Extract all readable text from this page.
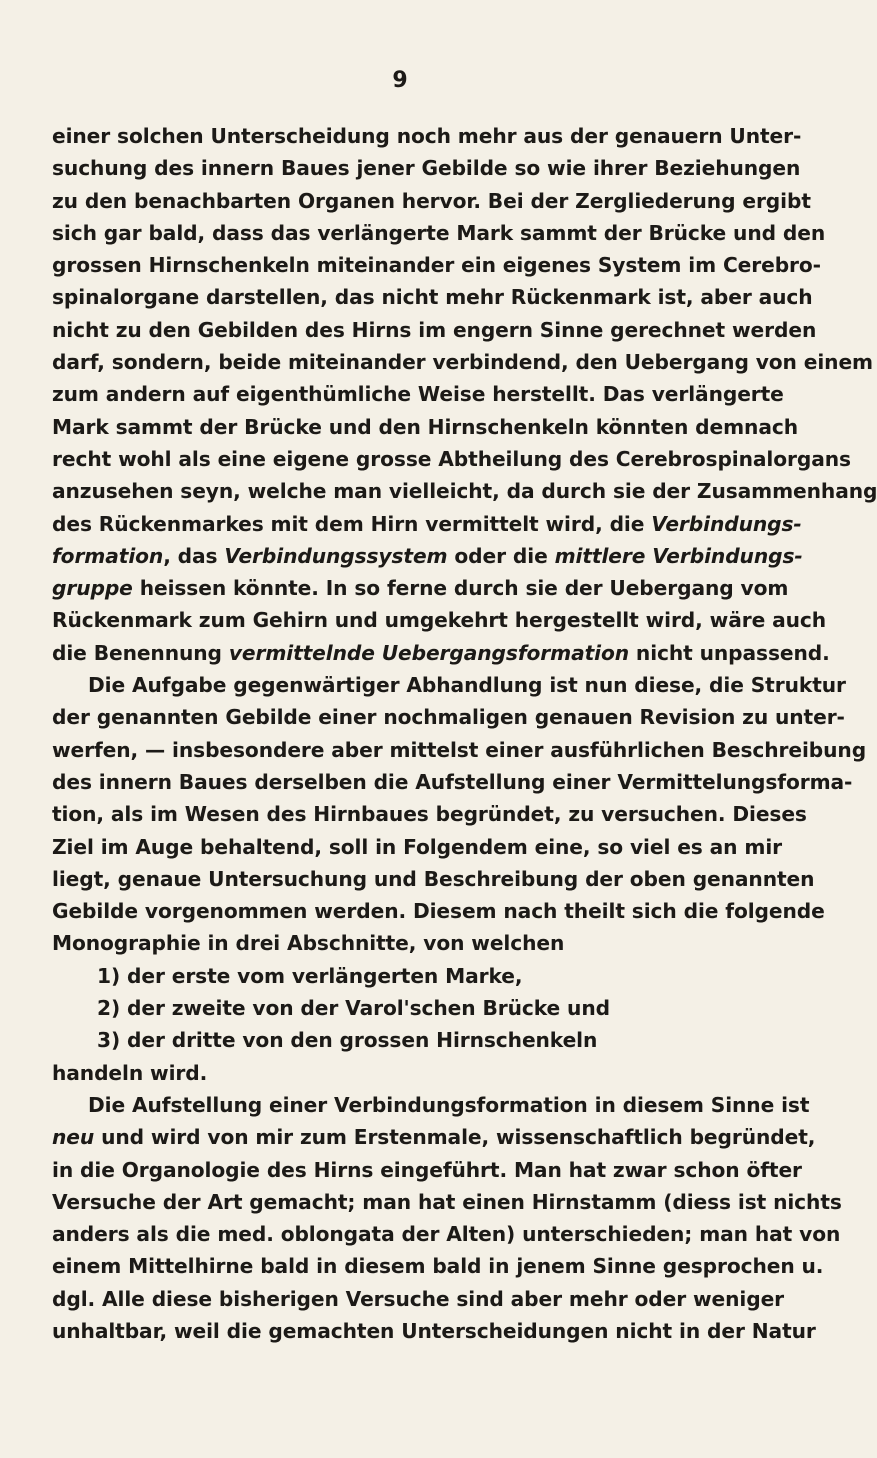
9
einer solchen Unterscheidung noch mehr aus der genauern Unter-
suchung des innern Baues jener Gebilde so wie ihrer Beziehungen
zu den benachbarten Organen hervor. Bei der Zergliederung ergibt
sich gar bald, dass das verlängerte Mark sammt der Brücke und den
grossen Hirnschenkeln miteinander ein eigenes System im Cerebro-
spinalorgane darstellen, das nicht mehr Rückenmark ist, aber auch
nicht zu den Gebilden des Hirns im engern Sinne gerechnet werden
darf, sondern, beide miteinander verbindend, den Uebergang von einem
zum andern auf eigenthümliche Weise herstellt. Das verlängerte
Mark sammt der Brücke und den Hirnschenkeln könnten demnach
recht wohl als eine eigene grosse Abtheilung des Cerebrospinalorgans
anzusehen seyn, welche man vielleicht, da durch sie der Zusammenhang
des Rückenmarkes mit dem Hirn vermittelt wird, die Verbindungs-
formation, das Verbindungssystem oder die mittlere Verbindungs-
gruppe heissen könnte. In so ferne durch sie der Uebergang vom
Rückenmark zum Gehirn und umgekehrt hergestellt wird, wäre auch
die Benennung vermittelnde Uebergangsformation nicht unpassend.
Die Aufgabe gegenwärtiger Abhandlung ist nun diese, die Struktur
der genannten Gebilde einer nochmaligen genauen Revision zu unter-
werfen, — insbesondere aber mittelst einer ausführlichen Beschreibung
des innern Baues derselben die Aufstellung einer Vermittelungsforma-
tion, als im Wesen des Hirnbaues begründet, zu versuchen. Dieses
Ziel im Auge behaltend, soll in Folgendem eine, so viel es an mir
liegt, genaue Untersuchung und Beschreibung der oben genannten
Gebilde vorgenommen werden. Diesem nach theilt sich die folgende
Monographie in drei Abschnitte, von welchen
1) der erste vom verlängerten Marke,
2) der zweite von der Varol'schen Brücke und
3) der dritte von den grossen Hirnschenkeln
handeln wird.
Die Aufstellung einer Verbindungsformation in diesem Sinne ist
neu und wird von mir zum Erstenmale, wissenschaftlich begründet,
in die Organologie des Hirns eingeführt. Man hat zwar schon öfter
Versuche der Art gemacht; man hat einen Hirnstamm (diess ist nichts
anders als die med. oblongata der Alten) unterschieden; man hat von
einem Mittelhirne bald in diesem bald in jenem Sinne gesprochen u.
dgl. Alle diese bisherigen Versuche sind aber mehr oder weniger
unhaltbar, weil die gemachten Unterscheidungen nicht in der Natur
